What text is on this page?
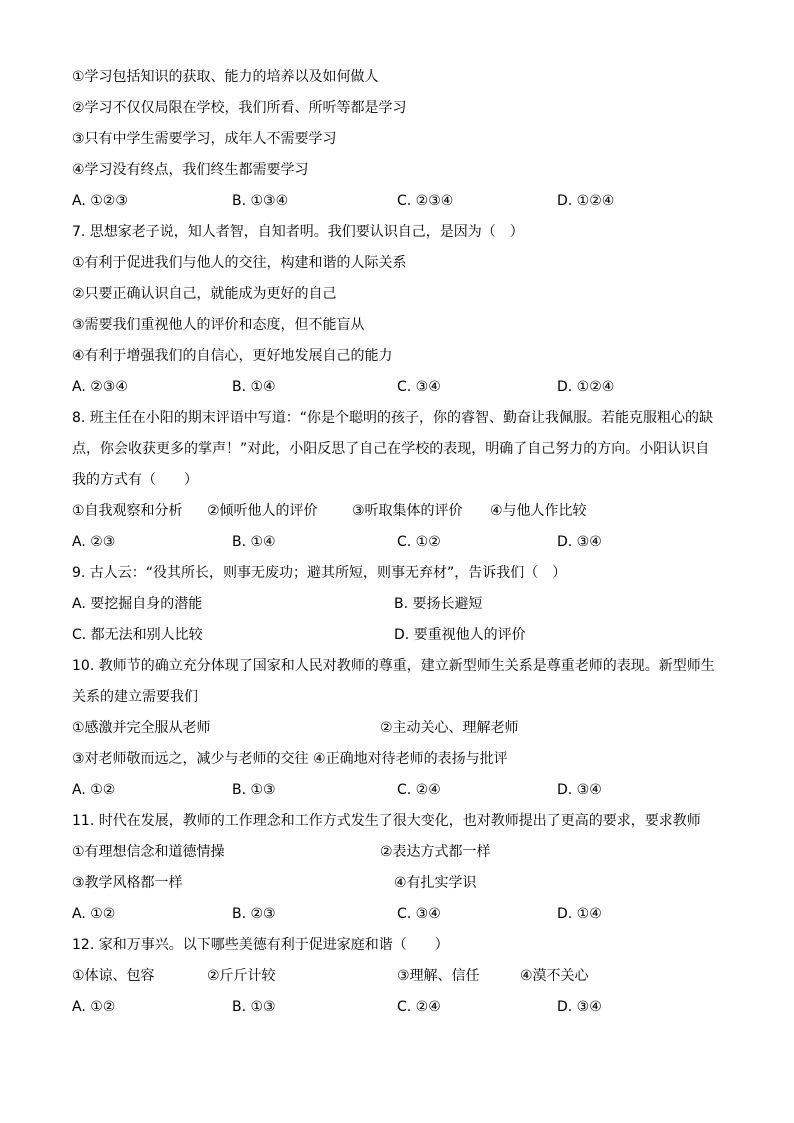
①学习包括知识的获取、能力的培养以及如何做人
②学习不仅仅局限在学校，我们所看、所听等都是学习
③只有中学生需要学习，成年人不需要学习
④学习没有终点，我们终生都需要学习
A. ①②③	B. ①③④	C. ②③④	D. ①②④
7. 思想家老子说，知人者智，自知者明。我们要认识自己，是因为（　）
①有利于促进我们与他人的交往，构建和谐的人际关系
②只要正确认识自己，就能成为更好的自己
③需要我们重视他人的评价和态度，但不能盲从
④有利于增强我们的自信心，更好地发展自己的能力
A. ②③④	B. ①④	C. ③④	D. ①②④
8. 班主任在小阳的期末评语中写道：“你是个聪明的孩子，你的睿智、勤奋让我佩服。若能克服粗心的缺
点，你会收获更多的掌声！”对此，小阳反思了自己在学校的表现，明确了自己努力的方向。小阳认识自
我的方式有（　　）
①自我观察和分析 ②倾听他人的评价 ③听取集体的评价 ④与他人作比较
A. ②③	B. ①④	C. ①②	D. ③④
9. 古人云：“役其所长，则事无废功；避其所短，则事无弃材”，告诉我们（　）
A. 要挖掘自身的潜能	B. 要扬长避短
C. 都无法和别人比较	D. 要重视他人的评价
10. 教师节的确立充分体现了国家和人民对教师的尊重，建立新型师生关系是尊重老师的表现。新型师生
关系的建立需要我们
①感激并完全服从老师	②主动关心、理解老师
③对老师敬而远之，减少与老师的交往 ④正确地对待老师的表扬与批评
A. ①②	B. ①③	C. ②④	D. ③④
11. 时代在发展，教师的工作理念和工作方式发生了很大变化，也对教师提出了更高的要求，要求教师
①有理想信念和道德情操	②表达方式都一样
③教学风格都一样	④有扎实学识
A. ①②	B. ②③	C. ③④	D. ①④
12. 家和万事兴。以下哪些美德有利于促进家庭和谐（　　）
①体谅、包容	②斤斤计较	③理解、信任	④漠不关心
A. ①②	B. ①③	C. ②④	D. ③④
